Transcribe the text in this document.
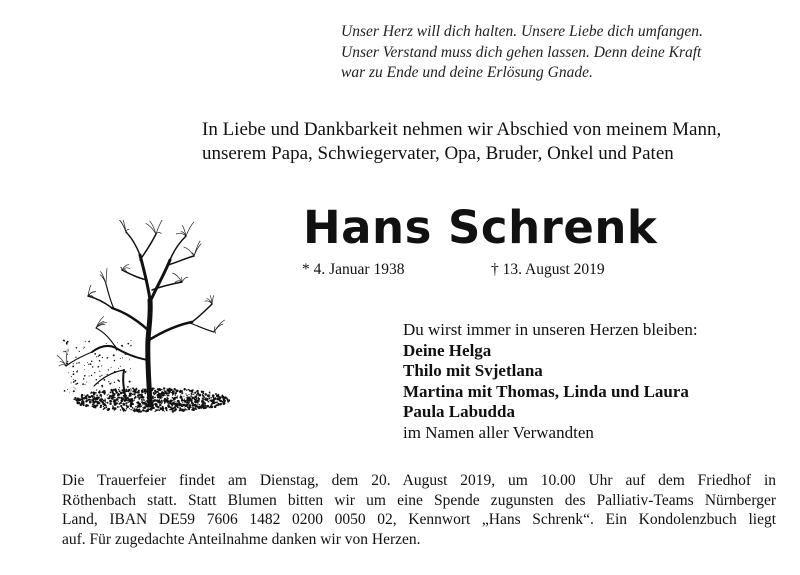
Unser Herz will dich halten. Unsere Liebe dich umfangen.
Unser Verstand muss dich gehen lassen. Denn deine Kraft
war zu Ende und deine Erlösung Gnade.
In Liebe und Dankbarkeit nehmen wir Abschied von meinem Mann,
unserem Papa, Schwiegervater, Opa, Bruder, Onkel und Paten
Hans Schrenk
* 4. Januar 1938	† 13. August 2019
Du wirst immer in unseren Herzen bleiben:
Deine Helga
Thilo mit Svjetlana
Martina mit Thomas, Linda und Laura
Paula Labudda
im Namen aller Verwandten
Die Trauerfeier findet am Dienstag, dem 20. August 2019, um 10.00 Uhr auf dem Friedhof in
Röthenbach statt. Statt Blumen bitten wir um eine Spende zugunsten des Palliativ-Teams Nürnberger
Land, IBAN DE59 7606 1482 0200 0050 02, Kennwort „Hans Schrenk“. Ein Kondolenzbuch liegt
auf. Für zugedachte Anteilnahme danken wir von Herzen.
